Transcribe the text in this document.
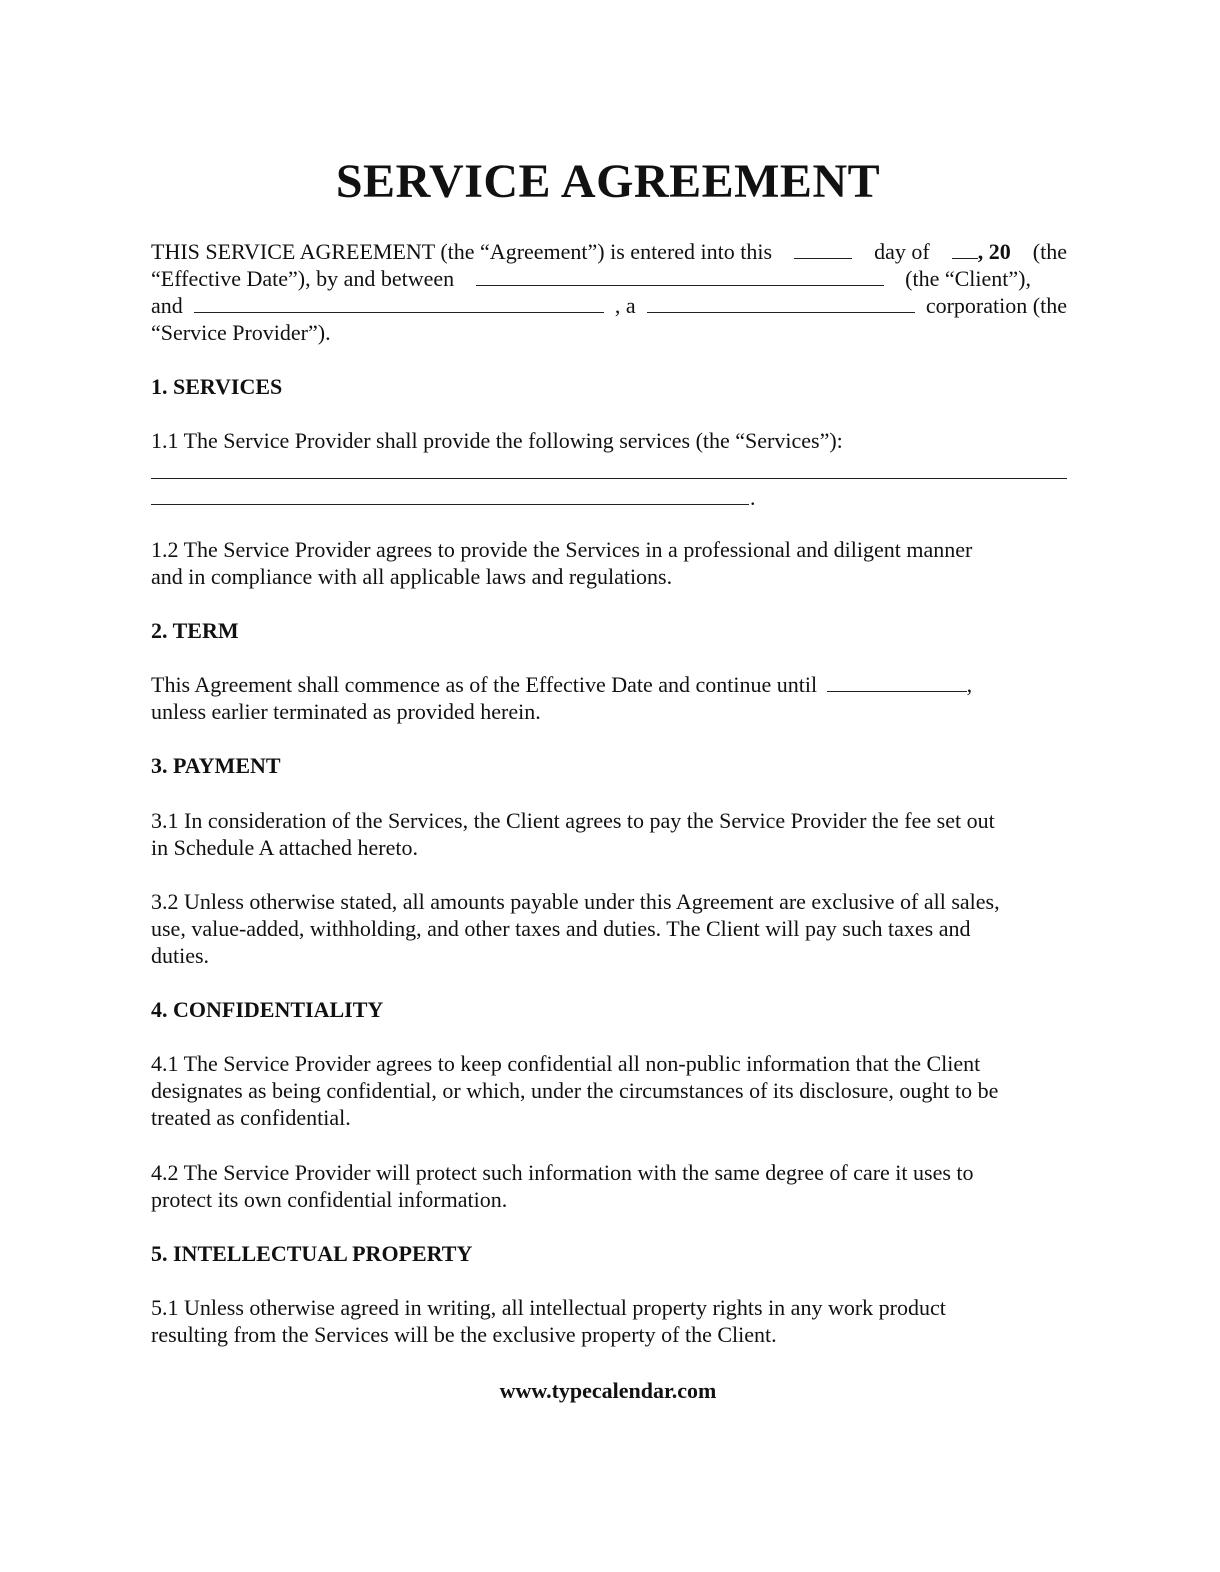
SERVICE AGREEMENT
THIS SERVICE AGREEMENT (the “Agreement”) is entered into this	day of	, 20 (the
“Effective Date”), by and between	(the “Client”),
and	, a	corporation (the

“Service Provider”).

1. SERVICES

1.1 The Service Provider shall provide the following services (the “Services”):

.

1.2 The Service Provider agrees to provide the Services in a professional and diligent manner

and in compliance with all applicable laws and regulations.

2. TERM
This Agreement shall commence as of the Effective Date and continue until	,

unless earlier terminated as provided herein.

3. PAYMENT

3.1 In consideration of the Services, the Client agrees to pay the Service Provider the fee set out

in Schedule A attached hereto.

3.2 Unless otherwise stated, all amounts payable under this Agreement are exclusive of all sales,

use, value-added, withholding, and other taxes and duties. The Client will pay such taxes and

duties.

4. CONFIDENTIALITY

4.1 The Service Provider agrees to keep confidential all non-public information that the Client

designates as being confidential, or which, under the circumstances of its disclosure, ought to be

treated as confidential.

4.2 The Service Provider will protect such information with the same degree of care it uses to

protect its own confidential information.

5. INTELLECTUAL PROPERTY

5.1 Unless otherwise agreed in writing, all intellectual property rights in any work product

resulting from the Services will be the exclusive property of the Client.

www.typecalendar.com
